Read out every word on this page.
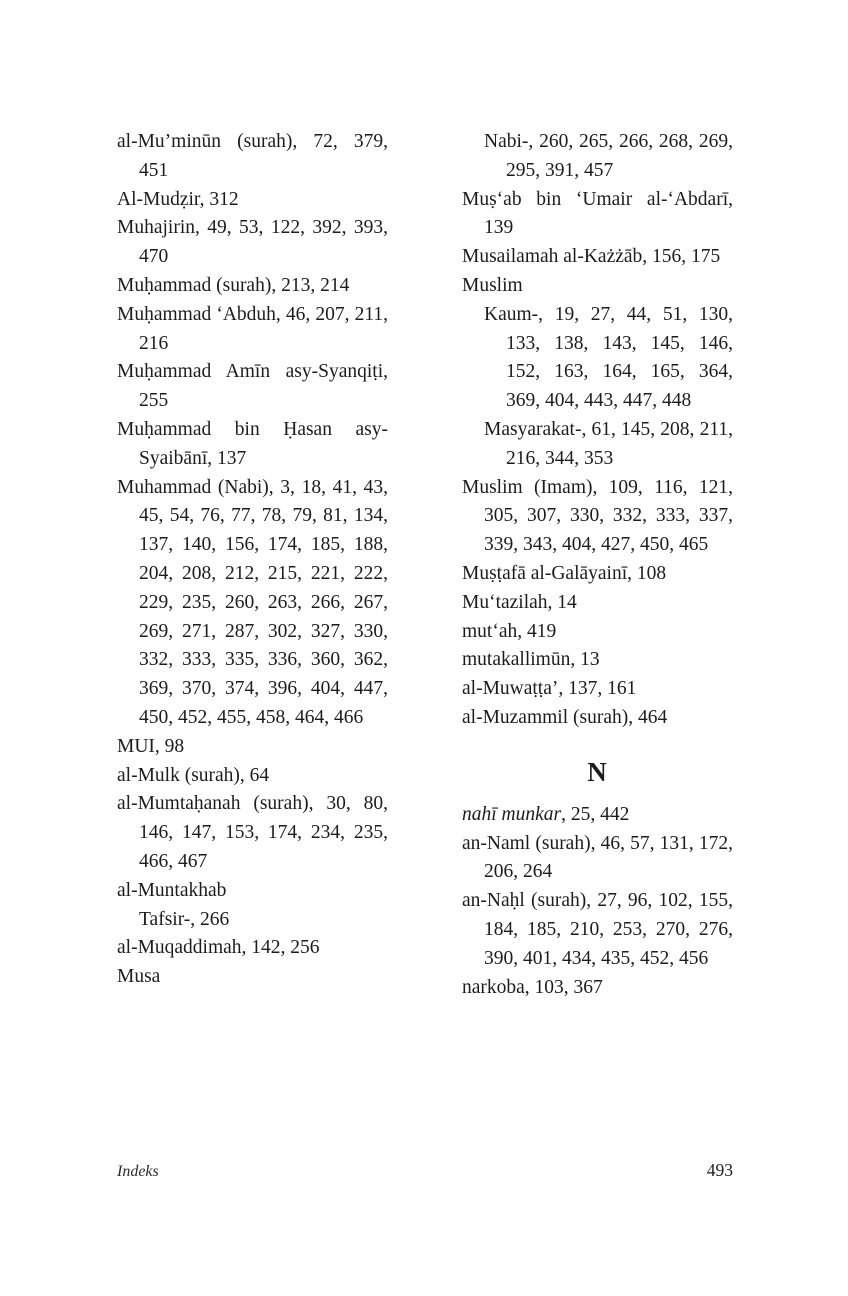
al-Mu’minūn (surah), 72, 379, 451

Al-Mudẓir, 312

Muhajirin, 49, 53, 122, 392, 393, 470

Muḥammad (surah), 213, 214

Muḥammad ‘Abduh, 46, 207, 211, 216

Muḥammad Amīn asy-Syanqiṭi, 255

Muḥammad bin Ḥasan asy-Syaibānī, 137

Muhammad (Nabi), 3, 18, 41, 43, 45, 54, 76, 77, 78, 79, 81, 134, 137, 140, 156, 174, 185, 188, 204, 208, 212, 215, 221, 222, 229, 235, 260, 263, 266, 267, 269, 271, 287, 302, 327, 330, 332, 333, 335, 336, 360, 362, 369, 370, 374, 396, 404, 447, 450, 452, 455, 458, 464, 466

MUI, 98

al-Mulk (surah), 64

al-Mumtaḥanah (surah), 30, 80, 146, 147, 153, 174, 234, 235, 466, 467

al-Muntakhab

Tafsir-, 266

al-Muqaddimah, 142, 256

Musa

Nabi-, 260, 265, 266, 268, 269, 295, 391, 457

Muṣ‘ab bin ‘Umair al-‘Abdarī, 139

Musailamah al-Każżāb, 156, 175

Muslim

Kaum-, 19, 27, 44, 51, 130, 133, 138, 143, 145, 146, 152, 163, 164, 165, 364, 369, 404, 443, 447, 448

Masyarakat-, 61, 145, 208, 211, 216, 344, 353

Muslim (Imam), 109, 116, 121, 305, 307, 330, 332, 333, 337, 339, 343, 404, 427, 450, 465

Muṣṭafā al-Galāyainī, 108

Mu‘tazilah, 14

mut‘ah, 419

mutakallimūn, 13

al-Muwaṭṭa’, 137, 161

al-Muzammil (surah), 464

N

nahī munkar, 25, 442

an-Naml (surah), 46, 57, 131, 172, 206, 264

an-Naḥl (surah), 27, 96, 102, 155, 184, 185, 210, 253, 270, 276, 390, 401, 434, 435, 452, 456

narkoba, 103, 367

Indeks	493
